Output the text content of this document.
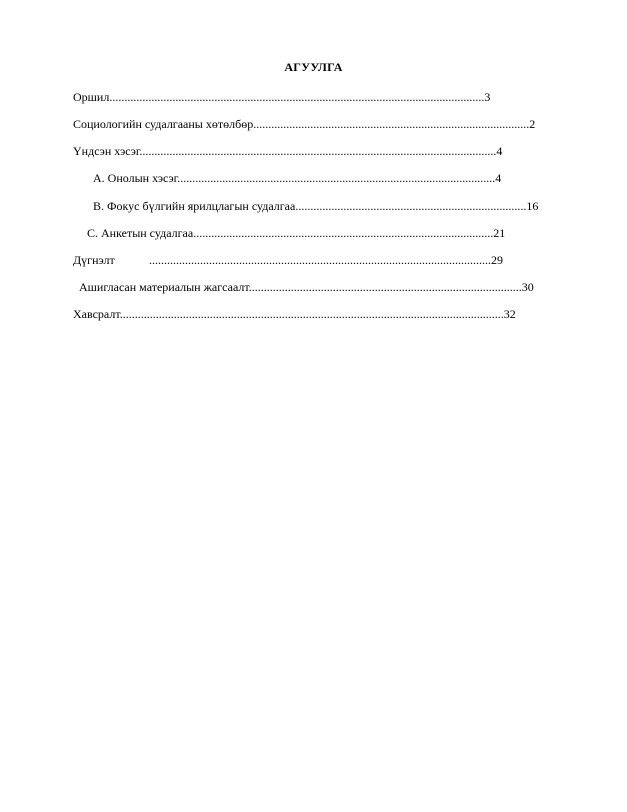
АГУУЛГА
Оршил.............................................................................................................................3
Социологийн судалгааны хөтөлбөр............................................................................................2
Үндсэн хэсэг.......................................................................................................................4
А. Онолын хэсэг..........................................................................................................4
В. Фокус бүлгийн ярилцлагын судалгаа.............................................................................16
С. Анкетын судалгаа....................................................................................................21
Дүгнэлт	..................................................................................................................29
Ашигласан материалын жагсаалт...........................................................................................30
Хавсралт................................................................................................................................32
